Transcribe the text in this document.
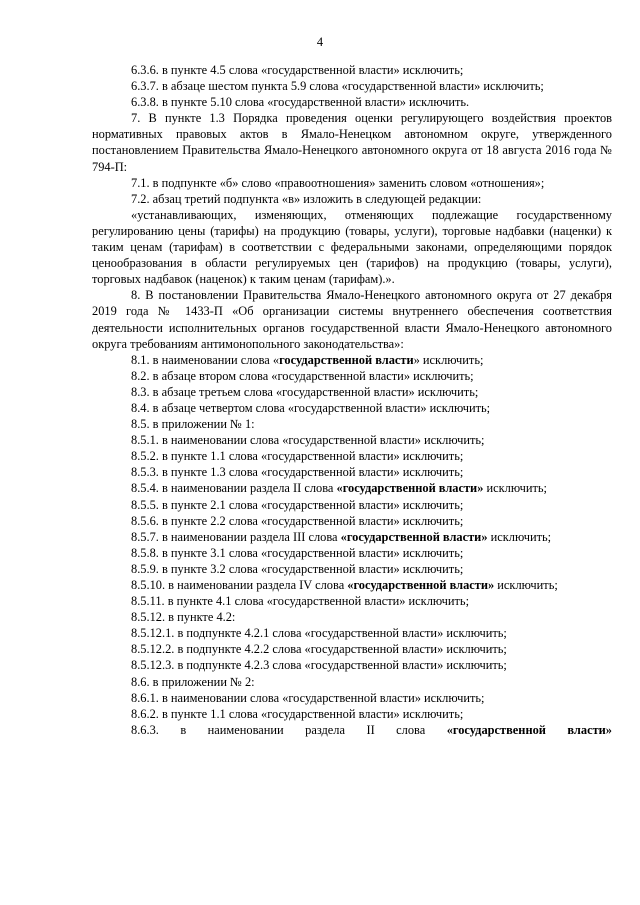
4

6.3.6. в пункте 4.5 слова «государственной власти» исключить;

6.3.7. в абзаце шестом пункта 5.9 слова «государственной власти» исключить;

6.3.8. в пункте 5.10 слова «государственной власти» исключить.

7. В пункте 1.3 Порядка проведения оценки регулирующего воздействия проектов нормативных правовых актов в Ямало-Ненецком автономном округе, утвержденного постановлением Правительства Ямало-Ненецкого автономного округа от 18 августа 2016 года № 794-П:

7.1. в подпункте «б» слово «правоотношения» заменить словом «отношения»;

7.2. абзац третий подпункта «в» изложить в следующей редакции:

«устанавливающих, изменяющих, отменяющих подлежащие государственному регулированию цены (тарифы) на продукцию (товары, услуги), торговые надбавки (наценки) к таким ценам (тарифам) в соответствии с федеральными законами, определяющими порядок ценообразования в области регулируемых цен (тарифов) на продукцию (товары, услуги), торговых надбавок (наценок) к таким ценам (тарифам).».

8. В постановлении Правительства Ямало-Ненецкого автономного округа от 27 декабря 2019 года № 1433-П «Об организации системы внутреннего обеспечения соответствия деятельности исполнительных органов государственной власти Ямало-Ненецкого автономного округа требованиям антимонопольного законодательства»:

8.1. в наименовании слова «государственной власти» исключить;

8.2. в абзаце втором слова «государственной власти» исключить;

8.3. в абзаце третьем слова «государственной власти» исключить;

8.4. в абзаце четвертом слова «государственной власти» исключить;

8.5. в приложении № 1:

8.5.1. в наименовании слова «государственной власти» исключить;

8.5.2. в пункте 1.1 слова «государственной власти» исключить;

8.5.3. в пункте 1.3 слова «государственной власти» исключить;

8.5.4. в наименовании раздела II слова «государственной власти» исключить;

8.5.5. в пункте 2.1 слова «государственной власти» исключить;

8.5.6. в пункте 2.2 слова «государственной власти» исключить;

8.5.7. в наименовании раздела III слова «государственной власти» исключить;

8.5.8. в пункте 3.1 слова «государственной власти» исключить;

8.5.9. в пункте 3.2 слова «государственной власти» исключить;

8.5.10. в наименовании раздела IV слова «государственной власти» исключить;

8.5.11. в пункте 4.1 слова «государственной власти» исключить;

8.5.12. в пункте 4.2:

8.5.12.1. в подпункте 4.2.1 слова «государственной власти» исключить;

8.5.12.2. в подпункте 4.2.2 слова «государственной власти» исключить;

8.5.12.3. в подпункте 4.2.3 слова «государственной власти» исключить;

8.6. в приложении № 2:

8.6.1. в наименовании слова «государственной власти» исключить;

8.6.2. в пункте 1.1 слова «государственной власти» исключить;

8.6.3. в наименовании раздела II слова «государственной власти»
